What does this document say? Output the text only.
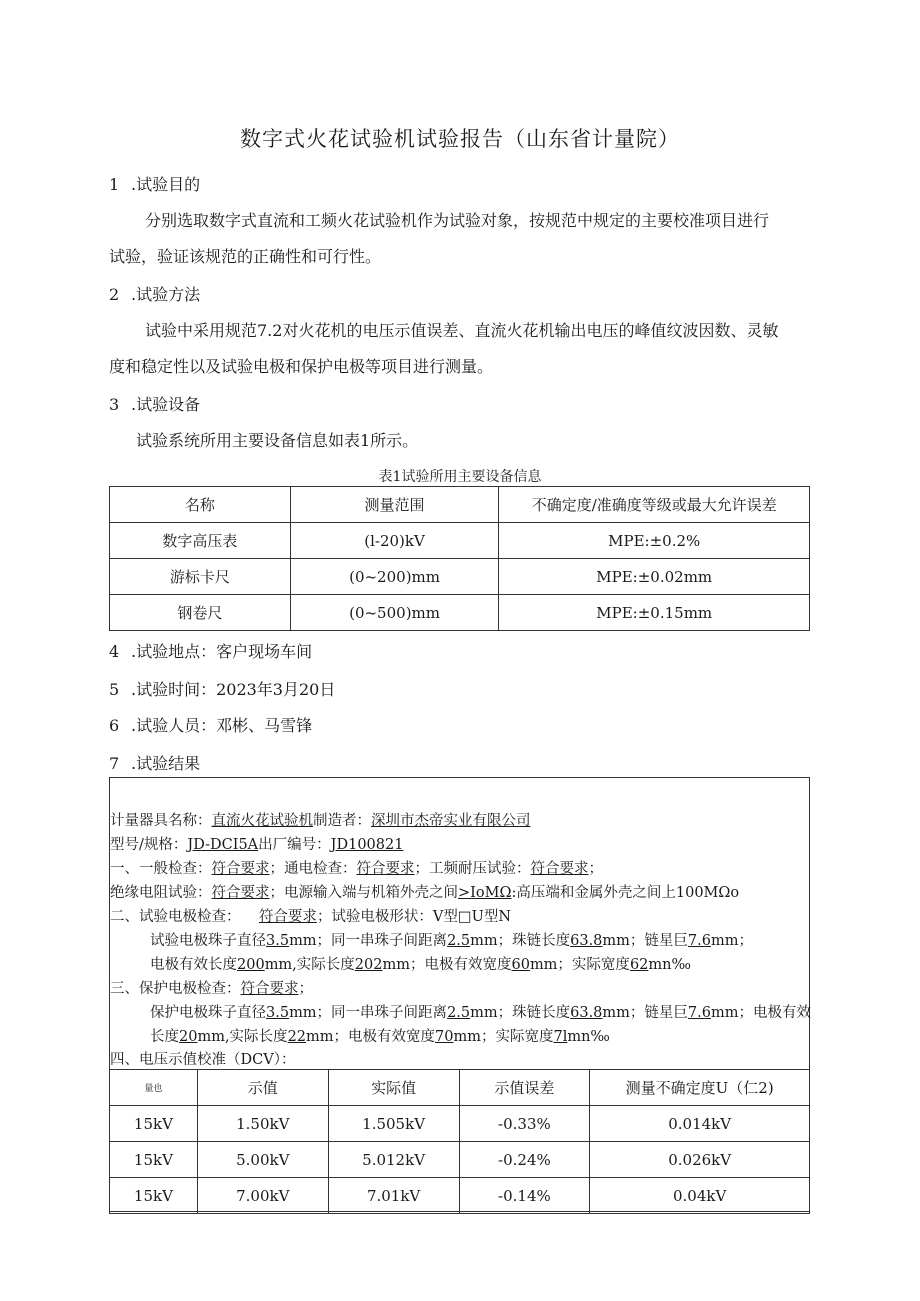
数字式火花试验机试验报告（山东省计量院）
1 .试验目的
分别选取数字式直流和工频火花试验机作为试验对象，按规范中规定的主要校准项目进行
试验，验证该规范的正确性和可行性。
2 .试验方法
试验中采用规范7.2对火花机的电压示值误差、直流火花机输出电压的峰值纹波因数、灵敏
度和稳定性以及试验电极和保护电极等项目进行测量。
3 .试验设备
试验系统所用主要设备信息如表1所示。
表1试验所用主要设备信息
名称	测量范围	不确定度/准确度等级或最大允许误差
数字高压表	(l-20)kV	MPE:±0.2%
游标卡尺	(0~200)mm	MPE:±0.02mm
钢卷尺	(0~500)mm	MPE:±0.15mm
4 .试验地点：客户现场车间
5 .试验时间：2023年3月20日
6 .试验人员：邓彬、马雪锋
7 .试验结果
计量器具名称：直流火花试验机制造者：深圳市杰帝实业有限公司
型号/规格：JD-DCI5A出厂编号：JD100821
一、一般检查：符合要求；通电检查：符合要求；工频耐压试验：符合要求；
绝缘电阻试验：符合要求；电源输入端与机箱外壳之间>IoMΩ:高压端和金属外壳之间上100MΩo
二、试验电极检查： 符合要求；试验电极形状：V型□U型N
试验电极珠子直径3.5mm；同一串珠子间距离2.5mm；珠链长度63.8mm；链星巨7.6mm；
电极有效长度200mm,实际长度202mm；电极有效宽度60mm；实际宽度62mn‰
三、保护电极检查：符合要求；
保护电极珠子直径3.5mm；同一串珠子间距离2.5mm；珠链长度63.8mm；链星巨7.6mm；电极有效
长度20mm,实际长度22mm；电极有效宽度70mm；实际宽度7lmn‰
四、电压示值校准（DCV）：
量也	示值	实际值	示值误差	测量不确定度U（仁2)
15kV	1.50kV	1.505kV	-0.33%	0.014kV
15kV	5.00kV	5.012kV	-0.24%	0.026kV
15kV	7.00kV	7.01kV	-0.14%	0.04kV
